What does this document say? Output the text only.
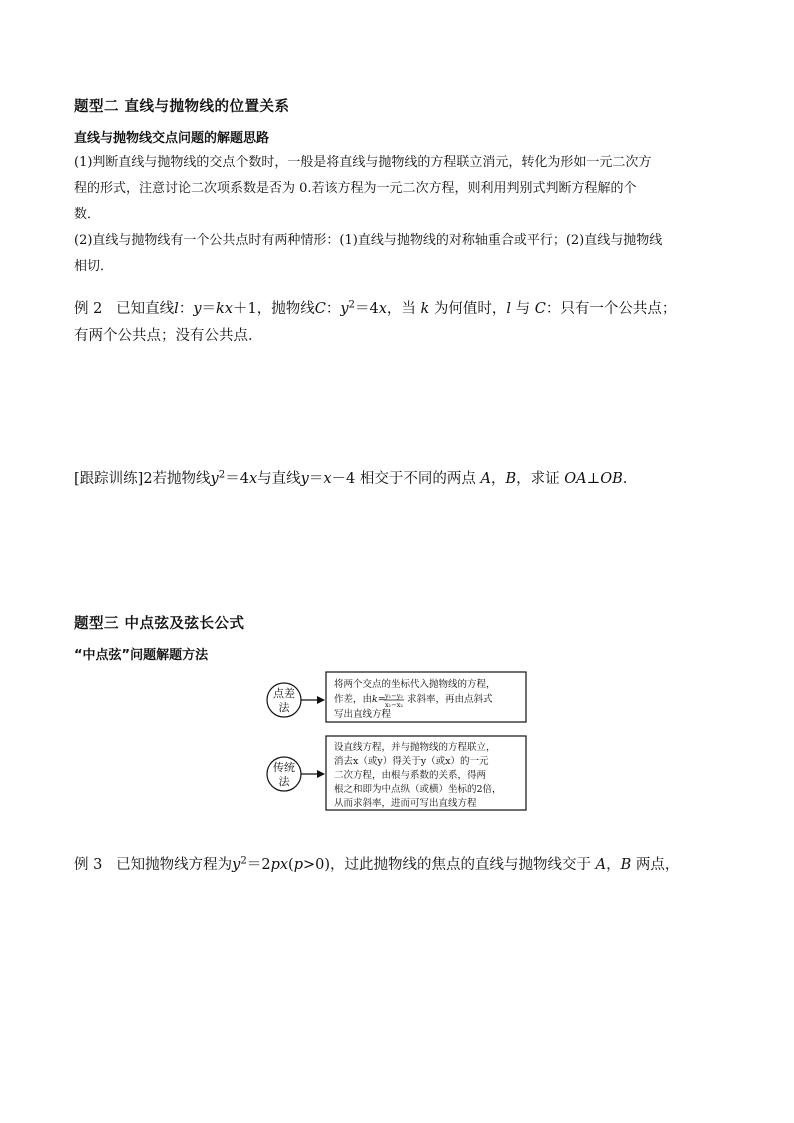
题型二 直线与抛物线的位置关系
直线与抛物线交点问题的解题思路
(1)判断直线与抛物线的交点个数时，一般是将直线与抛物线的方程联立消元，转化为形如一元二次方
程的形式，注意讨论二次项系数是否为 0.若该方程为一元二次方程，则利用判别式判断方程解的个
数．
(2)直线与抛物线有一个公共点时有两种情形：(1)直线与抛物线的对称轴重合或平行；(2)直线与抛物线
相切．
例 2 已知直线l：y＝kx＋1，抛物线C：$y^2=4x$，当 k 为何值时，l 与 C：只有一个公共点；
有两个公共点；没有公共点．
[跟踪训练]2若抛物线$y^2=4x$与直线y＝x－4 相交于不同的两点 A，B，求证 OA⊥OB.
题型三 中点弦及弦长公式
“中点弦”问题解题方法
点差
法
将两个交点的坐标代入抛物线的方程，
作差，由k= y₁−y₂
x₁−x₂ 求斜率，再由点斜式
写出直线方程
传统
法
设直线方程，并与抛物线的方程联立，
消去x（或y）得关于y（或x）的一元
二次方程，由根与系数的关系，得两
根之和即为中点纵（或横）坐标的2倍，
从而求斜率，进而可写出直线方程
例 3 已知抛物线方程为$y^2=2px(p>0)$，过此抛物线的焦点的直线与抛物线交于 A，B 两点，
